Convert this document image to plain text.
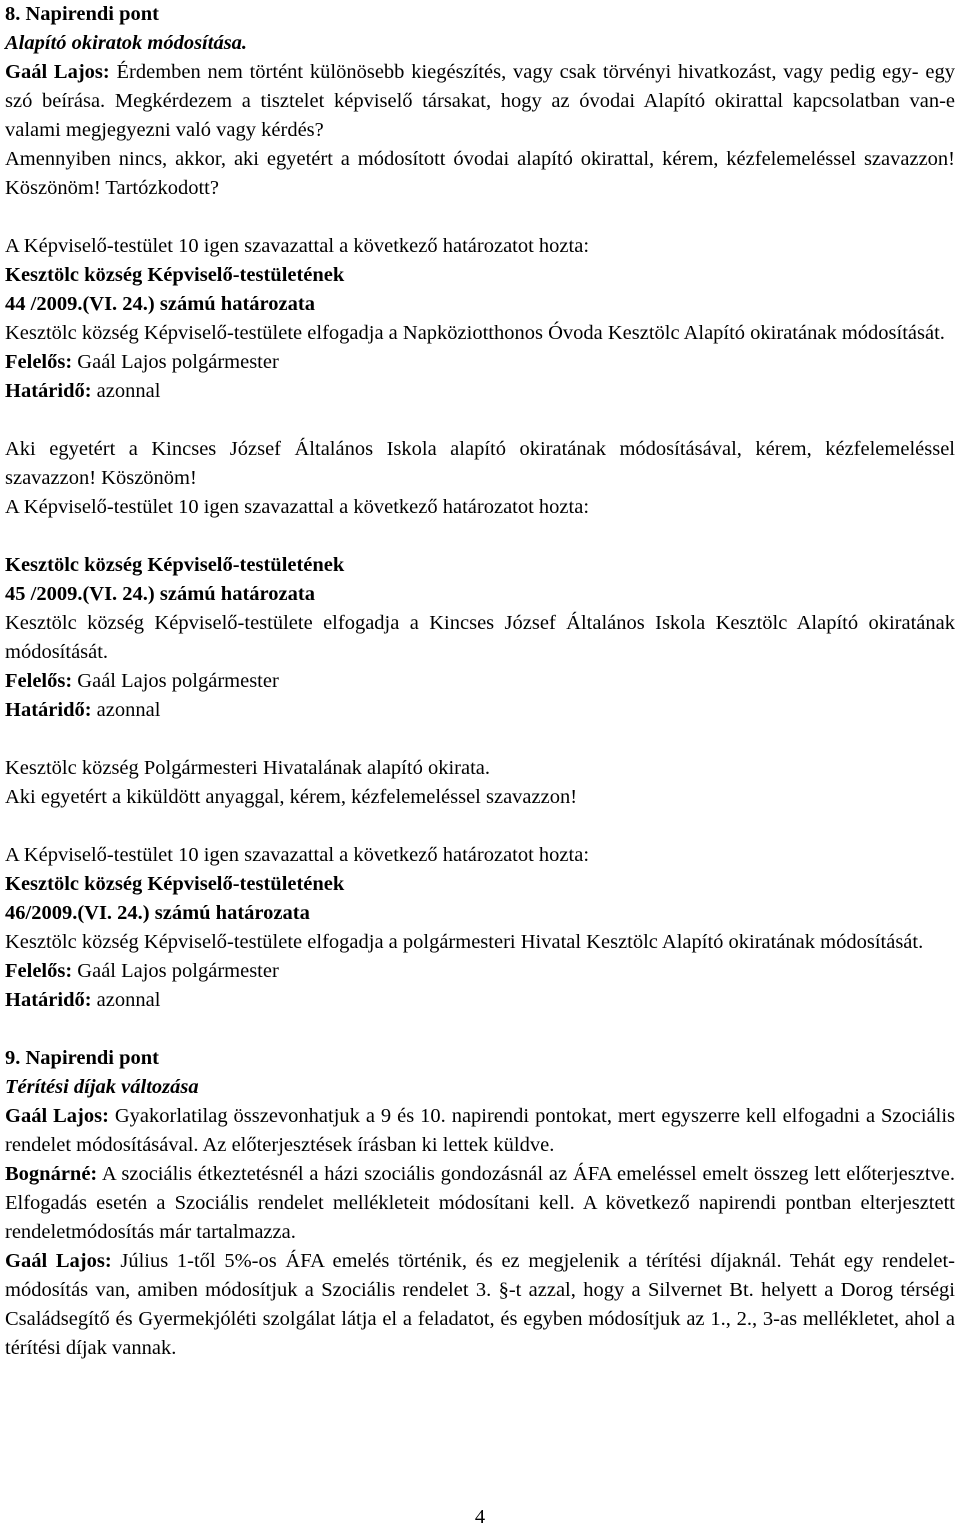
8. Napirendi pont

Alapító okiratok módosítása.

Gaál Lajos: Érdemben nem történt különösebb kiegészítés, vagy csak törvényi hivatkozást, vagy pedig egy- egy szó beírása. Megkérdezem a tisztelet képviselő társakat, hogy az óvodai Alapító okirattal kapcsolatban van-e valami megjegyezni való vagy kérdés?

Amennyiben nincs, akkor, aki egyetért a módosított óvodai alapító okirattal, kérem, kézfelemeléssel szavazzon! Köszönöm! Tartózkodott?

A Képviselő-testület 10 igen szavazattal a következő határozatot hozta:

Kesztölc község Képviselő-testületének

44 /2009.(VI. 24.) számú határozata

Kesztölc község Képviselő-testülete elfogadja a Napköziotthonos Óvoda Kesztölc Alapító okiratának módosítását.

Felelős: Gaál Lajos polgármester

Határidő: azonnal

Aki egyetért a Kincses József Általános Iskola alapító okiratának módosításával, kérem, kézfelemeléssel szavazzon! Köszönöm!

A Képviselő-testület 10 igen szavazattal a következő határozatot hozta:

Kesztölc község Képviselő-testületének

45 /2009.(VI. 24.) számú határozata

Kesztölc község Képviselő-testülete elfogadja a Kincses József Általános Iskola Kesztölc Alapító okiratának módosítását.

Felelős: Gaál Lajos polgármester

Határidő: azonnal

Kesztölc község Polgármesteri Hivatalának alapító okirata.

Aki egyetért a kiküldött anyaggal, kérem, kézfelemeléssel szavazzon!

A Képviselő-testület 10 igen szavazattal a következő határozatot hozta:

Kesztölc község Képviselő-testületének

46/2009.(VI. 24.) számú határozata

Kesztölc község Képviselő-testülete elfogadja a polgármesteri Hivatal Kesztölc Alapító okiratának módosítását.

Felelős: Gaál Lajos polgármester

Határidő: azonnal

9. Napirendi pont

Térítési díjak változása

Gaál Lajos: Gyakorlatilag összevonhatjuk a 9 és 10. napirendi pontokat, mert egyszerre kell elfogadni a Szociális rendelet módosításával. Az előterjesztések írásban ki lettek küldve.

Bognárné: A szociális étkeztetésnél a házi szociális gondozásnál az ÁFA emeléssel emelt összeg lett előterjesztve. Elfogadás esetén a Szociális rendelet mellékleteit módosítani kell. A következő napirendi pontban elterjesztett rendeletmódosítás már tartalmazza.

Gaál Lajos: Július 1-től 5%-os ÁFA emelés történik, és ez megjelenik a térítési díjaknál. Tehát egy rendelet-módosítás van, amiben módosítjuk a Szociális rendelet 3. §-t azzal, hogy a Silvernet Bt. helyett a Dorog térségi Családsegítő és Gyermekjóléti szolgálat látja el a feladatot, és egyben módosítjuk az 1., 2., 3-as mellékletet, ahol a térítési díjak vannak.

4
